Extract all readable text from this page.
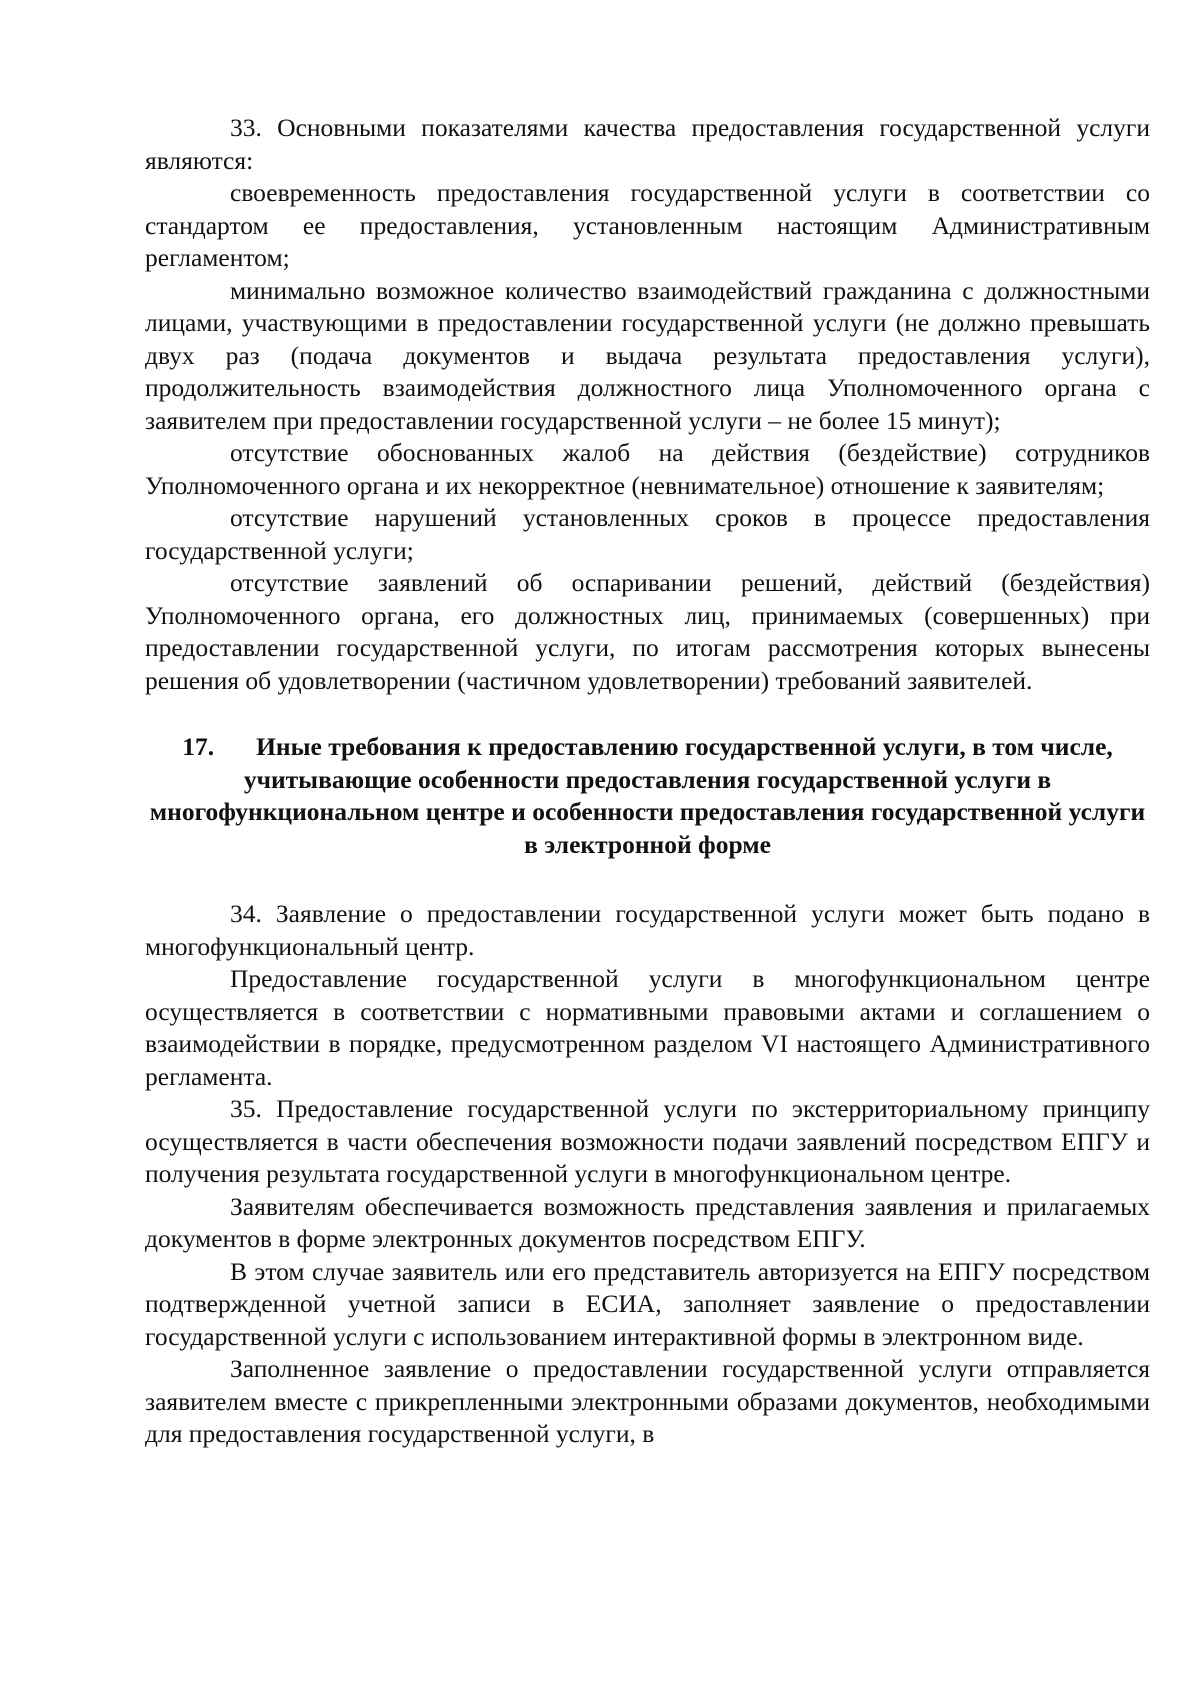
33. Основными показателями качества предоставления государственной услуги являются:

своевременность предоставления государственной услуги в соответствии со стандартом ее предоставления, установленным настоящим Административным регламентом;

минимально возможное количество взаимодействий гражданина с должностными лицами, участвующими в предоставлении государственной услуги (не должно превышать двух раз (подача документов и выдача результата предоставления услуги), продолжительность взаимодействия должностного лица Уполномоченного органа с заявителем при предоставлении государственной услуги – не более 15 минут);

отсутствие обоснованных жалоб на действия (бездействие) сотрудников Уполномоченного органа и их некорректное (невнимательное) отношение к заявителям;

отсутствие нарушений установленных сроков в процессе предоставления государственной услуги;

отсутствие заявлений об оспаривании решений, действий (бездействия) Уполномоченного органа, его должностных лиц, принимаемых (совершенных) при предоставлении государственной услуги, по итогам рассмотрения которых вынесены решения об удовлетворении (частичном удовлетворении) требований заявителей.

17. Иные требования к предоставлению государственной услуги, в том числе, учитывающие особенности предоставления государственной услуги в многофункциональном центре и особенности предоставления государственной услуги в электронной форме

34. Заявление о предоставлении государственной услуги может быть подано в многофункциональный центр.

Предоставление государственной услуги в многофункциональном центре осуществляется в соответствии с нормативными правовыми актами и соглашением о взаимодействии в порядке, предусмотренном разделом VI настоящего Административного регламента.

35. Предоставление государственной услуги по экстерриториальному принципу осуществляется в части обеспечения возможности подачи заявлений посредством ЕПГУ и получения результата государственной услуги в многофункциональном центре.

Заявителям обеспечивается возможность представления заявления и прилагаемых документов в форме электронных документов посредством ЕПГУ.

В этом случае заявитель или его представитель авторизуется на ЕПГУ посредством подтвержденной учетной записи в ЕСИА, заполняет заявление о предоставлении государственной услуги с использованием интерактивной формы в электронном виде.

Заполненное заявление о предоставлении государственной услуги отправляется заявителем вместе с прикрепленными электронными образами документов, необходимыми для предоставления государственной услуги, в
